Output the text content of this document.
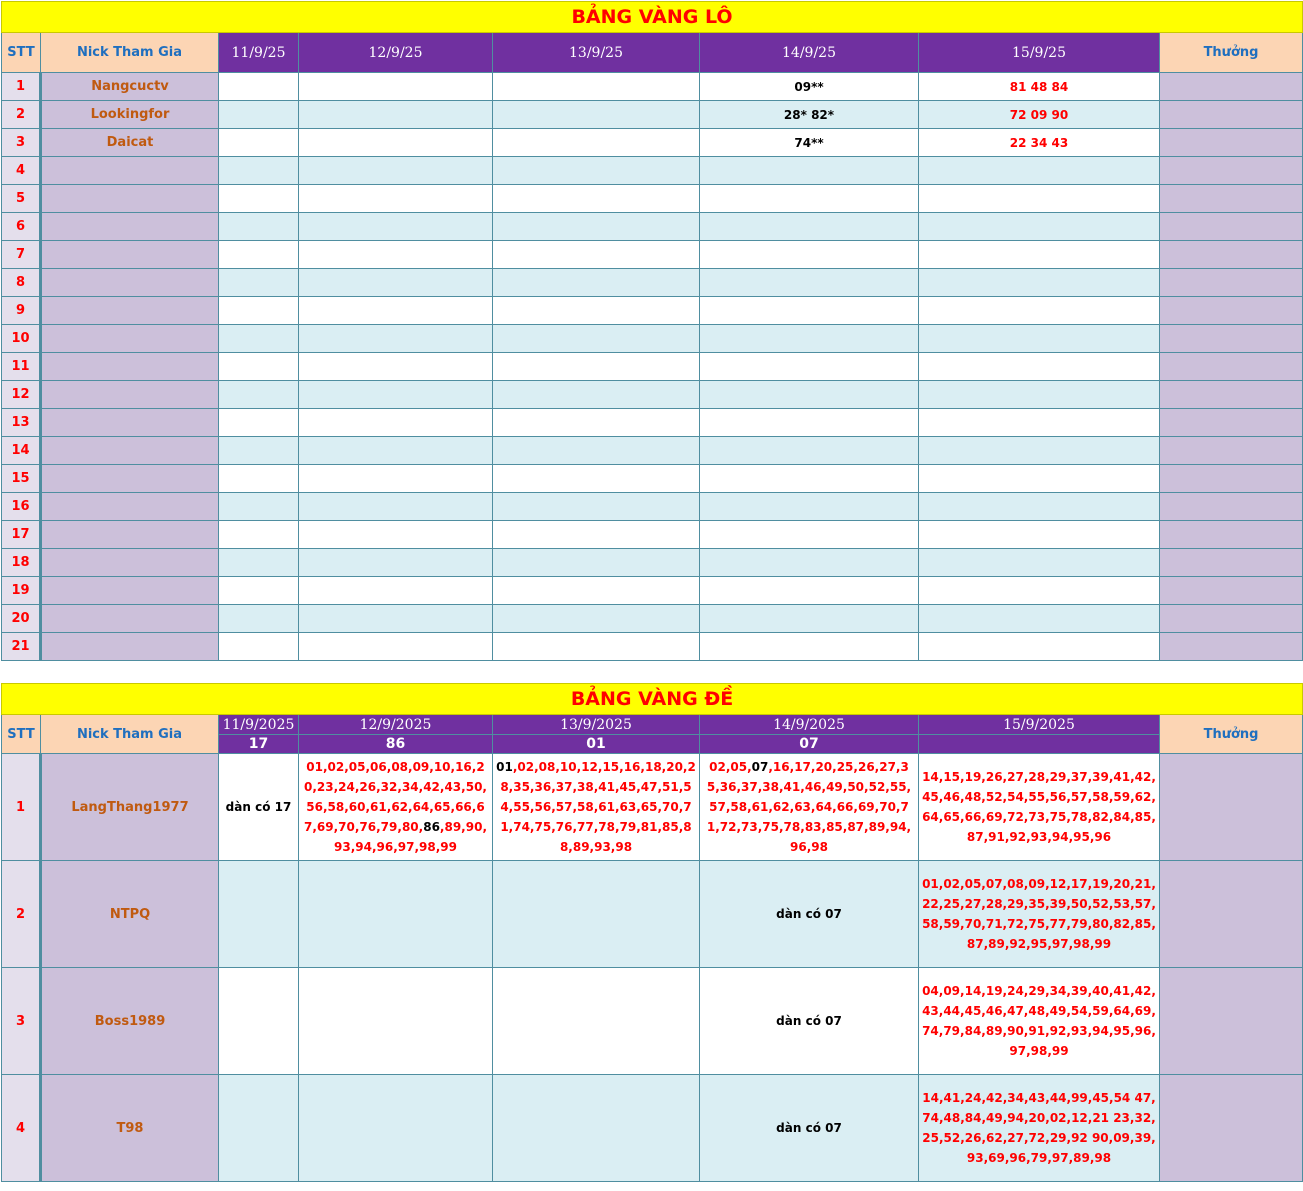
BẢNG VÀNG LÔ							
STT	Nick Tham Gia	11/9/25	12/9/25	13/9/25	14/9/25	15/9/25	Thưởng
1	Nangcuctv				09**	81 48 84	
2	Lookingfor				28* 82*	72 09 90	
3	Daicat				74**	22 34 43	
4							
5							
6							
7							
8							
9							
10							
11							
12							
13							
14							
15							
16							
17							
18							
19							
20							
21							
BẢNG VÀNG ĐỀ							
STT	Nick Tham Gia	11/9/2025	12/9/2025	13/9/2025	14/9/2025	15/9/2025	Thưởng
		17	86	01	07		
1	LangThang1977	dàn có 17	01,02,05,06,08,09,10,16,20,23,24,26,32,34,42,43,50,56,58,60,61,62,64,65,66,67,69,70,76,79,80,86,89,90,93,94,96,97,98,99	01,02,08,10,12,15,16,18,20,28,35,36,37,38,41,45,47,51,54,55,56,57,58,61,63,65,70,71,74,75,76,77,78,79,81,85,88,89,93,98	02,05,07,16,17,20,25,26,27,35,36,37,38,41,46,49,50,52,55,57,58,61,62,63,64,66,69,70,71,72,73,75,78,83,85,87,89,94,96,98	14,15,19,26,27,28,29,37,39,41,42,45,46,48,52,54,55,56,57,58,59,62,64,65,66,69,72,73,75,78,82,84,85,87,91,92,93,94,95,96	
2	NTPQ				dàn có 07	01,02,05,07,08,09,12,17,19,20,21,22,25,27,28,29,35,39,50,52,53,57,58,59,70,71,72,75,77,79,80,82,85,87,89,92,95,97,98,99	
3	Boss1989				dàn có 07	04,09,14,19,24,29,34,39,40,41,42,43,44,45,46,47,48,49,54,59,64,69,74,79,84,89,90,91,92,93,94,95,96,97,98,99	
4	T98				dàn có 07	14,41,24,42,34,43,44,99,45,54 47,74,48,84,49,94,20,02,12,21 23,32,25,52,26,62,27,72,29,92 90,09,39,93,69,96,79,97,89,98	
